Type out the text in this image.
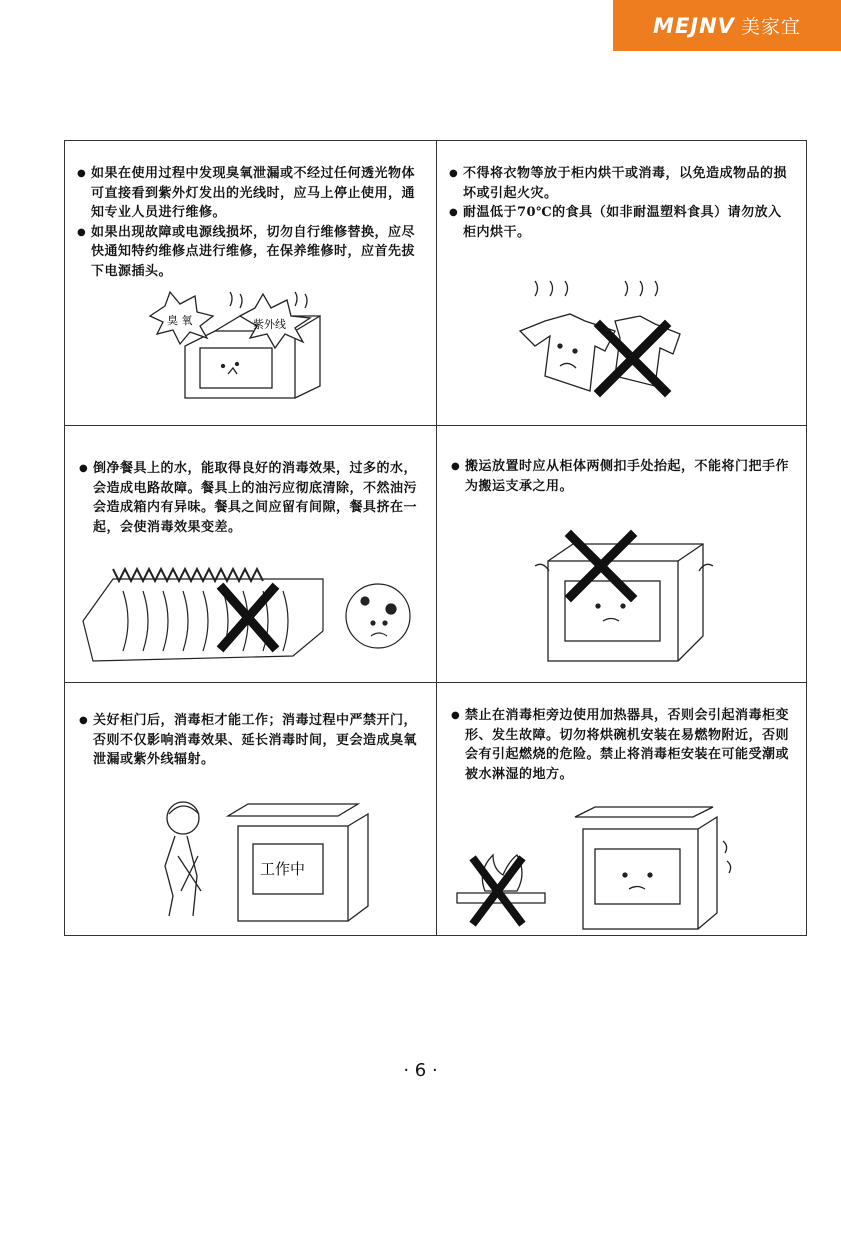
MEJNV 美家宜
● 如果在使用过程中发现臭氧泄漏或不经过任何透光物体可直接看到紫外灯发出的光线时，应马上停止使用，通知专业人员进行维修。
● 如果出现故障或电源线损坏，切勿自行维修替换，应尽快通知特约维修点进行维修，在保养维修时，应首先拔下电源插头。
臭 氧	紫外线
● 不得将衣物等放于柜内烘干或消毒，以免造成物品的损坏或引起火灾。
● 耐温低于70℃的食具（如非耐温塑料食具）请勿放入柜内烘干。
● 倒净餐具上的水，能取得良好的消毒效果，过多的水，会造成电路故障。餐具上的油污应彻底清除，不然油污会造成箱内有异味。餐具之间应留有间隙，餐具挤在一起，会使消毒效果变差。
● 搬运放置时应从柜体两侧扣手处抬起，不能将门把手作为搬运支承之用。
● 关好柜门后，消毒柜才能工作；消毒过程中严禁开门，否则不仅影响消毒效果、延长消毒时间，更会造成臭氧泄漏或紫外线辐射。
工作中
● 禁止在消毒柜旁边使用加热器具，否则会引起消毒柜变形、发生故障。切勿将烘碗机安装在易燃物附近，否则会有引起燃烧的危险。禁止将消毒柜安装在可能受潮或被水淋湿的地方。
· 6 ·
